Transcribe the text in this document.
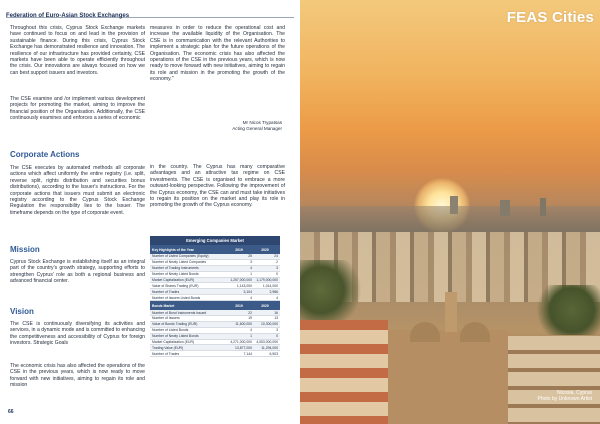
Federation of Euro-Asian Stock Exchanges

Throughout this crisis, Cyprus Stock Exchange markets have continued to focus on and lead in the provision of sustainable finance. During this crisis, Cyprus Stock Exchange has demonstrated resilience and innovation. The resilience of our infrastructure has provided certainty, CSE markets have been able to operate efficiently throughout the crisis. Our innovations are always focused on how we can best support issuers and investors.

The CSE examine and /or implement various development projects for promoting the market, aiming to improve the financial position of the Organisation. Additionally, the CSE continuously examines and enforces a series of economic

measures in order to reduce the operational cost and increase the available liquidity of the Organisation. The CSE is in communication with the relevant Authorities to implement a strategic plan for the future operations of the Organisation. The economic crisis has also affected the operations of the CSE in the previous years, which is now ready to move forward with new initiatives, aiming to regain its role and mission in the promoting the growth of the economy."

Mr Nicos Trypatsas
Acting General Manager
Corporate Actions

The CSE executes by automated methods all corporate actions which affect uniformly the entire registry (i.e. split, reverse split, rights distribution and securities bonus distributions), according to the Issuer's instructions. For the corporate actions that issuers must submit an electronic registry according to the Cyprus Stock Exchange Regulation the responsibility lies to the Issuer. The timeframe depends on the type of corporate event.

in the country. The Cyprus has many comparative advantages and an attractive tax regime on CSE investments. The CSE is organised to embrace a more outward-looking perspective. Following the improvement of the Cyprus economy, the CSE can and must take initiatives to regain its position on the market and play its role in promoting the growth of the Cyprus economy.

Mission

Cyprus Stock Exchange is establishing itself as an integral part of the country's growth strategy, supporting efforts to strengthen Cyprus' role as both a regional business and advanced financial center.

Vision

The CSE is continuously diversifying its activities and services, in a dynamic mode and is committed to enhancing the competitiveness and accessibility of Cyprus for foreign investors. Strategic Goals

The economic crisis has also affected the operations of the CSE in the previous years, which is now ready to move forward with new initiatives, aiming to regain its role and mission

Emerging Companies Market
Key Highlights of the Year	2019	2020
Number of Listed Companies (Equity)	25	24
Number of Newly Listed Companies	3	2
Number of Trading Instruments	4	3
Number of Newly Listed Bonds	1	0
Market Capitalization (EUR)	1,257,000,000	1,179,000,000
Value of Shares Trading (EUR)	1,143,000	1,014,000
Number of Trades	3,104	2,986
Number of Issuers Listed Bonds	4	4
Bonds Market	2019	2020
Number of Bond Instruments Issued	22	16
Number of Issuers	19	13
Value of Bonds Trading (EUR)	11,600,000	10,300,000
Number of Listed Bonds	4	3
Number of Newly Listed Bonds	1	0
Market Capitalization (EUR)	4,271,000,000	4,053,000,000
Trading Value (EUR)	13,877,000	11,294,000
Number of Trades	7,144	6,503
66
FEAS Cities
Nicosia, Cyprus
Photo by Unknown Artist
